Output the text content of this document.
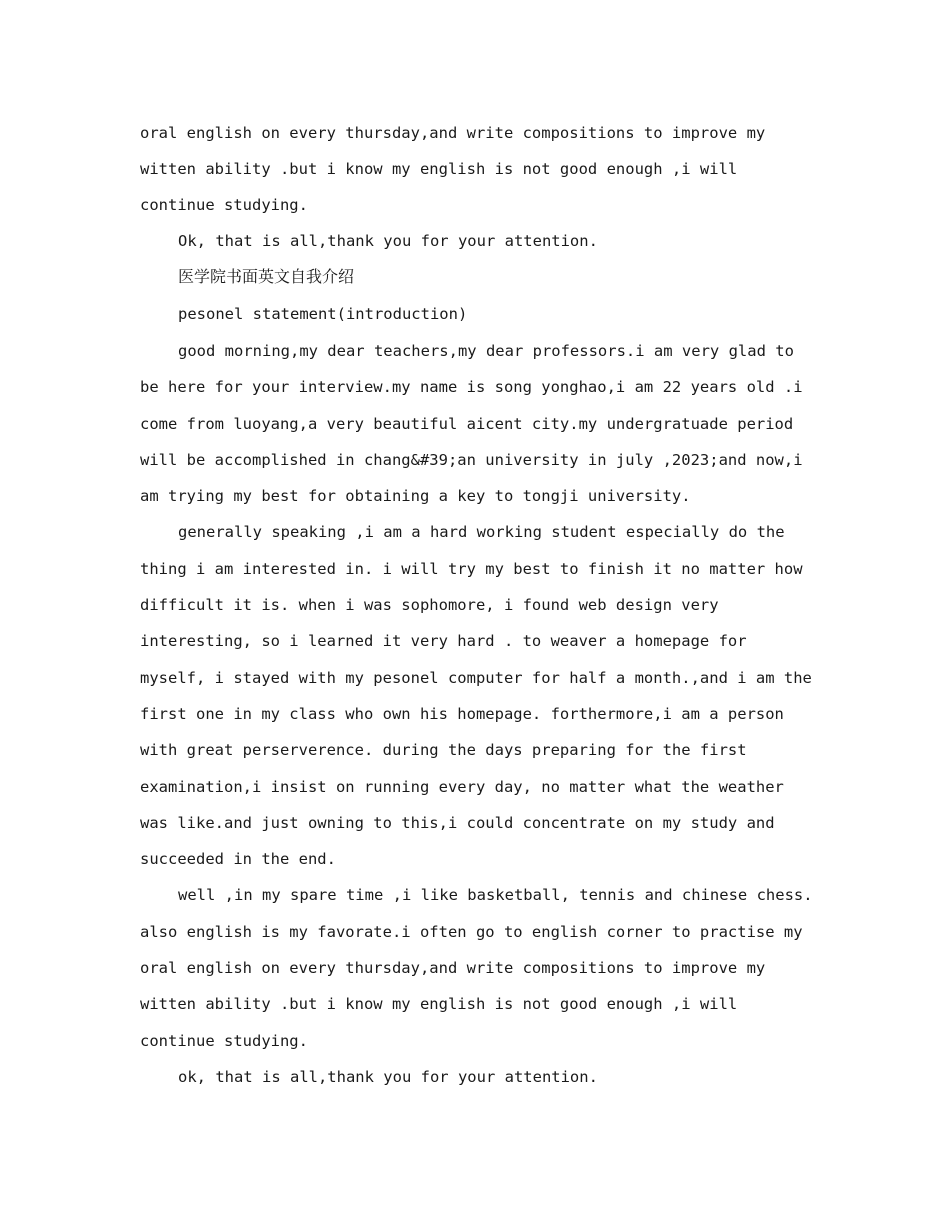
oral english on every thursday,and write compositions to improve my
witten ability .but i know my english is not good enough ,i will
continue studying.
Ok, that is all,thank you for your attention.
医学院书面英文自我介绍
pesonel statement(introduction)
good morning,my dear teachers,my dear professors.i am very glad to
be here for your interview.my name is song yonghao,i am 22 years old .i
come from luoyang,a very beautiful aicent city.my undergratuade period
will be accomplished in chang&#39;an university in july ,2023;and now,i
am trying my best for obtaining a key to tongji university.
generally speaking ,i am a hard working student especially do the
thing i am interested in. i will try my best to finish it no matter how
difficult it is. when i was sophomore, i found web design very
interesting, so i learned it very hard . to weaver a homepage for
myself, i stayed with my pesonel computer for half a month.,and i am the
first one in my class who own his homepage. forthermore,i am a person
with great perserverence. during the days preparing for the first
examination,i insist on running every day, no matter what the weather
was like.and just owning to this,i could concentrate on my study and
succeeded in the end.
well ,in my spare time ,i like basketball, tennis and chinese chess.
also english is my favorate.i often go to english corner to practise my
oral english on every thursday,and write compositions to improve my
witten ability .but i know my english is not good enough ,i will
continue studying.
ok, that is all,thank you for your attention.
